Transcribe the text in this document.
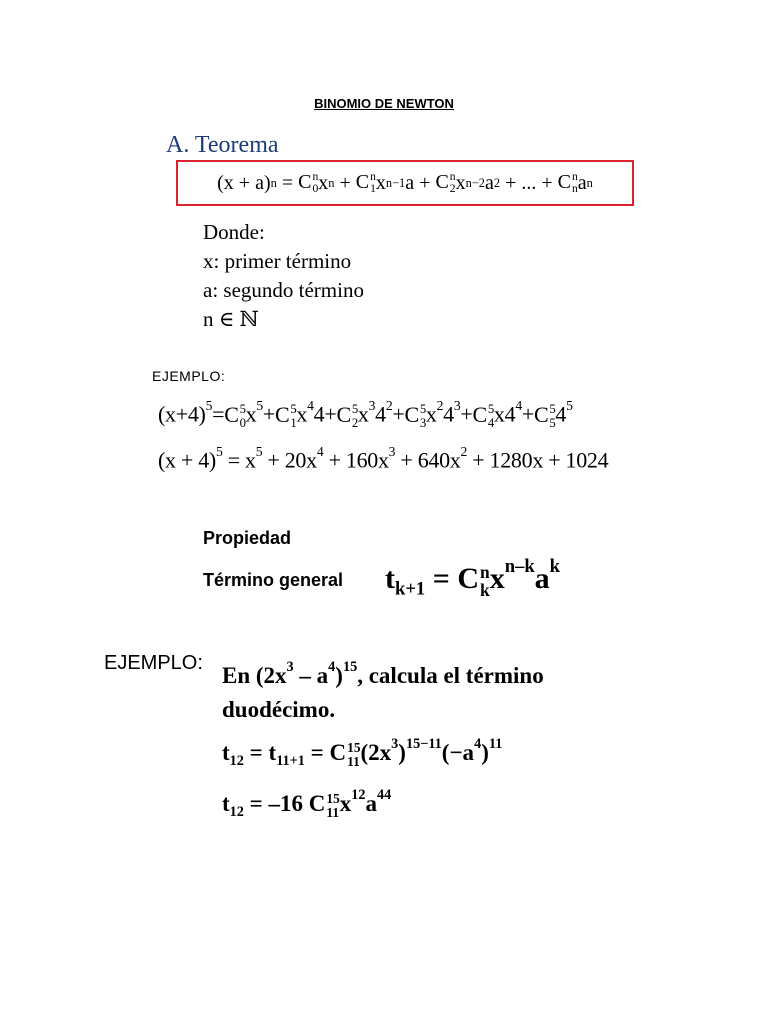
BINOMIO DE NEWTON
A. Teorema
(x + a) n
=
C n
0 x n
+
C n
1 x n−1 a
+
C n
2 x n−2 a 2
+
... +
C n
n a n
Donde:
x: primer término
a: segundo término
n ∈ ℕ
EJEMPLO:
$(x+4)^5=C$ 5
0 $x^5+C$ 5
1 $x^44+C$ 5
2 $x^34^2+C$ 5
3 $x^24^3+C$ 5
4 $x4^4+C$ 5
5 $4^5$
$(x + 4)^5 = x^5 + 20x^4 + 160x^3 + 640x^2 + 1280x + 1024$
Propiedad
Término general $t_{k+1} = C$ n
k $x^{n-k}a^k$
EJEMPLO:
En $(2x^3 - a^4)^{15}$, calcula el término
duodécimo.
$t_{12} = t_{11+1} = C$ 15
11 $(2x^3)^{15-11}(-a^4)^{11}$
$t_{12} = -16$ C 15
11 $x^{12}a^{44}$
